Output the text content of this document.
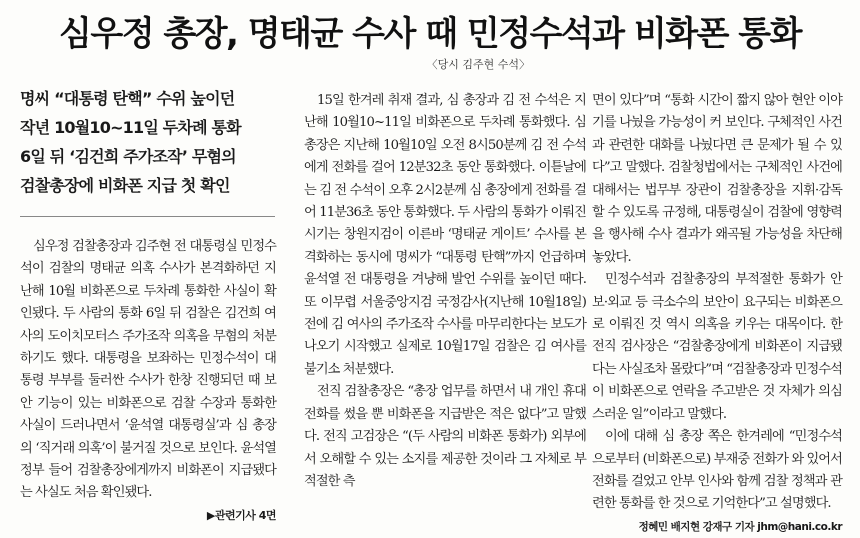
심우정 총장, 명태균 수사 때 민정수석과 비화폰 통화
〈당시 김주현 수석〉
명씨 “대통령 탄핵” 수위 높이던
작년 10월10~11일 두차례 통화
6일 뒤 ‘김건희 주가조작’ 무혐의
검찰총장에 비화폰 지급 첫 확인

심우정 검찰총장과 김주현 전 대통령실 민정수석이 검찰의 명태균 의혹 수사가 본격화하던 지난해 10월 비화폰으로 두차례 통화한 사실이 확인됐다. 두 사람의 통화 6일 뒤 검찰은 김건희 여사의 도이치모터스 주가조작 의혹을 무혐의 처분하기도 했다. 대통령을 보좌하는 민정수석이 대통령 부부를 둘러싼 수사가 한창 진행되던 때 보안 기능이 있는 비화폰으로 검찰 수장과 통화한 사실이 드러나면서 ‘윤석열 대통령실’과 심 총장의 ‘직거래 의혹’이 불거질 것으로 보인다. 윤석열 정부 들어 검찰총장에게까지 비화폰이 지급됐다는 사실도 처음 확인됐다.

▶관련기사 4면

15일 한겨레 취재 결과, 심 총장과 김 전 수석은 지난해 10월10~11일 비화폰으로 두차례 통화했다. 심 총장은 지난해 10월10일 오전 8시50분께 김 전 수석에게 전화를 걸어 12분32초 동안 통화했다. 이튿날에는 김 전 수석이 오후 2시2분께 심 총장에게 전화를 걸어 11분36초 동안 통화했다. 두 사람의 통화가 이뤄진 시기는 창원지검이 이른바 ‘명태균 게이트’ 수사를 본격화하는 동시에 명씨가 “대통령 탄핵”까지 언급하며 윤석열 전 대통령을 겨냥해 발언 수위를 높이던 때다. 또 이무렵 서울중앙지검 국정감사(지난해 10월18일) 전에 김 여사의 주가조작 수사를 마무리한다는 보도가 나오기 시작했고 실제로 10월17일 검찰은 김 여사를 불기소 처분했다.

전직 검찰총장은 “총장 업무를 하면서 내 개인 휴대전화를 썼을 뿐 비화폰을 지급받은 적은 없다”고 말했다. 전직 고검장은 “(두 사람의 비화폰 통화가) 외부에서 오해할 수 있는 소지를 제공한 것이라 그 자체로 부적절한 측

면이 있다”며 “통화 시간이 짧지 않아 현안 이야기를 나눴을 가능성이 커 보인다. 구체적인 사건과 관련한 대화를 나눴다면 큰 문제가 될 수 있다”고 말했다. 검찰청법에서는 구체적인 사건에 대해서는 법무부 장관이 검찰총장을 지휘·감독할 수 있도록 규정해, 대통령실이 검찰에 영향력을 행사해 수사 결과가 왜곡될 가능성을 차단해놓았다.

민정수석과 검찰총장의 부적절한 통화가 안보·외교 등 극소수의 보안이 요구되는 비화폰으로 이뤄진 것 역시 의혹을 키우는 대목이다. 한 전직 검사장은 “검찰총장에게 비화폰이 지급됐다는 사실조차 몰랐다”며 “검찰총장과 민정수석이 비화폰으로 연락을 주고받은 것 자체가 의심스러운 일”이라고 말했다.

이에 대해 심 총장 쪽은 한겨레에 “민정수석으로부터 (비화폰으로) 부재중 전화가 와 있어서 전화를 걸었고 안부 인사와 함께 검찰 정책과 관련한 통화를 한 것으로 기억한다”고 설명했다.

정혜민 배지현 강재구 기자 jhm@hani.co.kr
